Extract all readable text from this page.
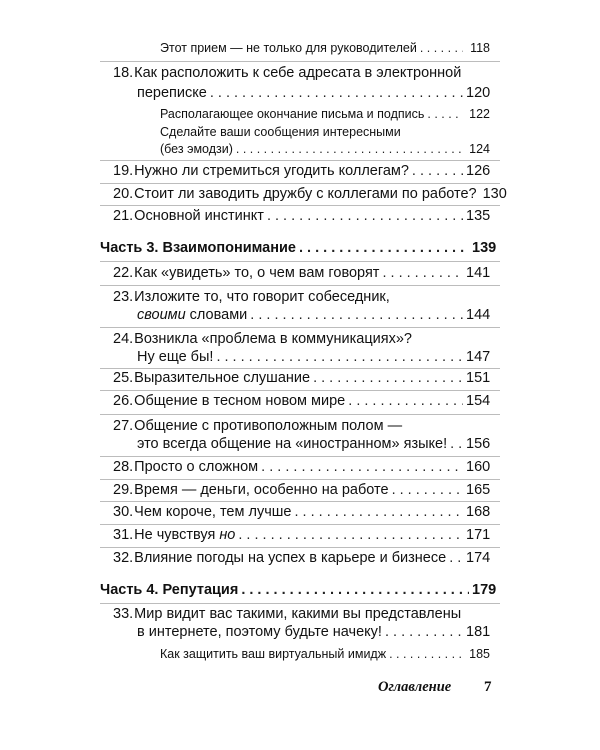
Этот прием — не только для руководителей . . .	118
18. Как расположить к себе адресата в электронной
переписке . . .	120
Располагающее окончание письма и подпись . . .	122
Сделайте ваши сообщения интересными
(без эмодзи) . . .	124
19. Нужно ли стремиться угодить коллегам? . . .	126
20. Стоит ли заводить дружбу с коллегами по работе? 130
21. Основной инстинкт . . .	135
Часть 3. Взаимопонимание . . .	139
22. Как «увидеть» то, о чем вам говорят . . .	141
23. Изложите то, что говорит собеседник,
своими словами . . .	144
24. Возникла «проблема в коммуникациях»?
Ну еще бы! . . .	147
25. Выразительное слушание . . .	151
26. Общение в тесном новом мире . . .	154
27. Общение с противоположным полом —
это всегда общение на «иностранном» языке! . . . 156
28. Просто о сложном . . .	160
29. Время — деньги, особенно на работе . . .	165
30. Чем короче, тем лучше . . .	168
31. Не чувствуя но . . .	171
32. Влияние погоды на успех в карьере и бизнесе . . . 174
Часть 4. Репутация . . .	179
33. Мир видит вас такими, какими вы представлены
в интернете, поэтому будьте начеку! . . .	181
Как защитить ваш виртуальный имидж . . .	185
Оглавление 7
